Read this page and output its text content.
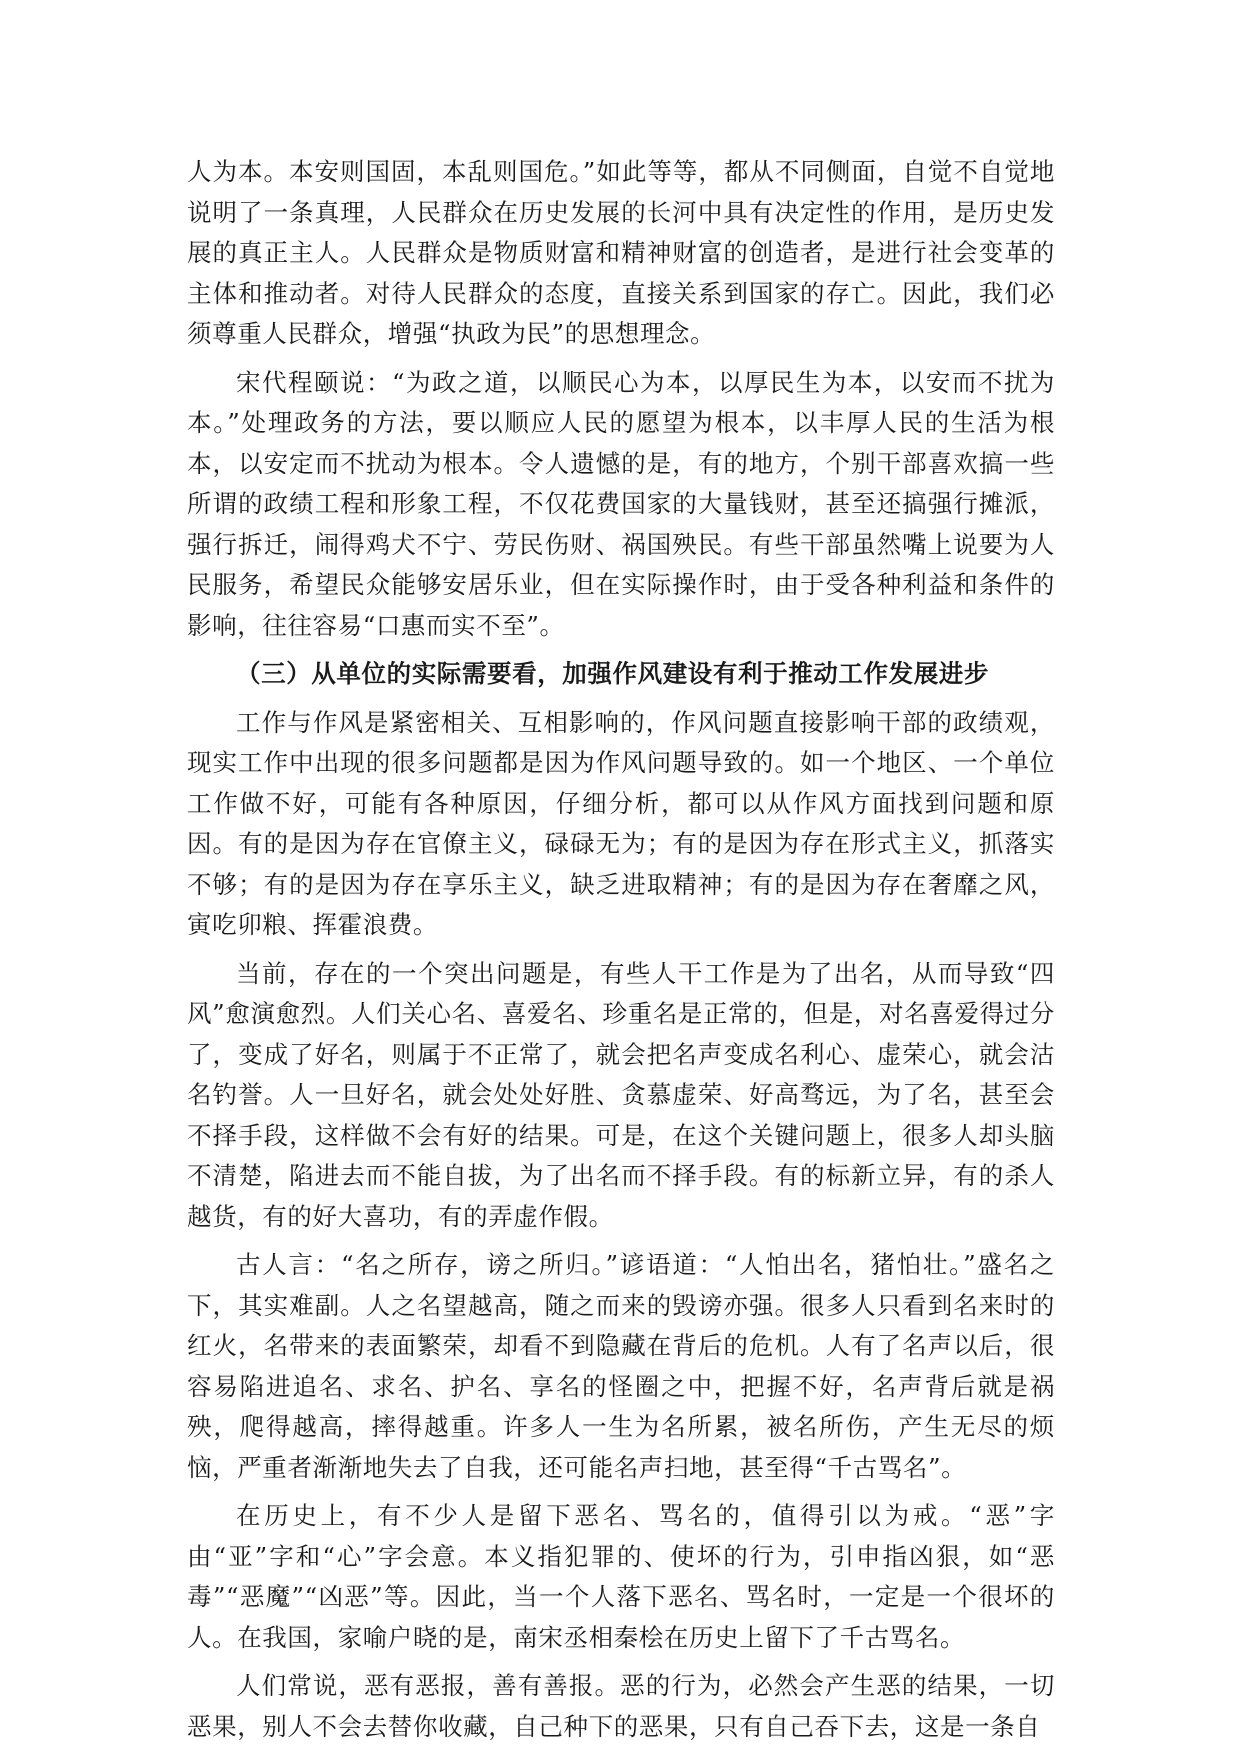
人为本。本安则国固，本乱则国危。”如此等等，都从不同侧面，自觉不自觉地说明了一条真理，人民群众在历史发展的长河中具有决定性的作用，是历史发展的真正主人。人民群众是物质财富和精神财富的创造者，是进行社会变革的主体和推动者。对待人民群众的态度，直接关系到国家的存亡。因此，我们必须尊重人民群众，增强“执政为民”的思想理念。

宋代程颐说：“为政之道，以顺民心为本，以厚民生为本，以安而不扰为本。”处理政务的方法，要以顺应人民的愿望为根本，以丰厚人民的生活为根本，以安定而不扰动为根本。令人遗憾的是，有的地方，个别干部喜欢搞一些所谓的政绩工程和形象工程，不仅花费国家的大量钱财，甚至还搞强行摊派，强行拆迁，闹得鸡犬不宁、劳民伤财、祸国殃民。有些干部虽然嘴上说要为人民服务，希望民众能够安居乐业，但在实际操作时，由于受各种利益和条件的影响，往往容易“口惠而实不至”。

（三）从单位的实际需要看，加强作风建设有利于推动工作发展进步

工作与作风是紧密相关、互相影响的，作风问题直接影响干部的政绩观，现实工作中出现的很多问题都是因为作风问题导致的。如一个地区、一个单位工作做不好，可能有各种原因，仔细分析，都可以从作风方面找到问题和原因。有的是因为存在官僚主义，碌碌无为；有的是因为存在形式主义，抓落实不够；有的是因为存在享乐主义，缺乏进取精神；有的是因为存在奢靡之风，寅吃卯粮、挥霍浪费。

当前，存在的一个突出问题是，有些人干工作是为了出名，从而导致“四风”愈演愈烈。人们关心名、喜爱名、珍重名是正常的，但是，对名喜爱得过分了，变成了好名，则属于不正常了，就会把名声变成名利心、虚荣心，就会沽名钓誉。人一旦好名，就会处处好胜、贪慕虚荣、好高骛远，为了名，甚至会不择手段，这样做不会有好的结果。可是，在这个关键问题上，很多人却头脑不清楚，陷进去而不能自拔，为了出名而不择手段。有的标新立异，有的杀人越货，有的好大喜功，有的弄虚作假。

古人言：“名之所存，谤之所归。”谚语道：“人怕出名，猪怕壮。”盛名之下，其实难副。人之名望越高，随之而来的毁谤亦强。很多人只看到名来时的红火，名带来的表面繁荣，却看不到隐藏在背后的危机。人有了名声以后，很容易陷进追名、求名、护名、享名的怪圈之中，把握不好，名声背后就是祸殃，爬得越高，摔得越重。许多人一生为名所累，被名所伤，产生无尽的烦恼，严重者渐渐地失去了自我，还可能名声扫地，甚至得“千古骂名”。

在历史上，有不少人是留下恶名、骂名的，值得引以为戒。“恶”字由“亚”字和“心”字会意。本义指犯罪的、使坏的行为，引申指凶狠，如“恶毒”“恶魔”“凶恶”等。因此，当一个人落下恶名、骂名时，一定是一个很坏的人。在我国，家喻户晓的是，南宋丞相秦桧在历史上留下了千古骂名。

人们常说，恶有恶报，善有善报。恶的行为，必然会产生恶的结果，一切恶果，别人不会去替你收藏，自己种下的恶果，只有自己吞下去，这是一条自
